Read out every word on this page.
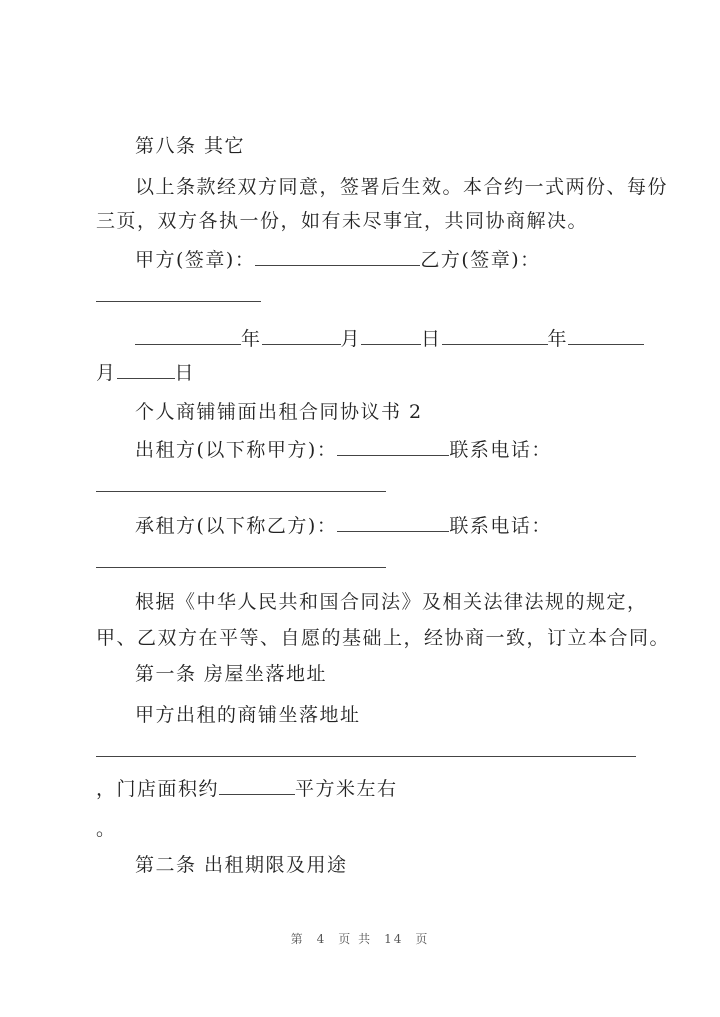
第八条 其它
以上条款经双方同意，签署后生效。本合约一式两份、每份
三页，双方各执一份，如有未尽事宜，共同协商解决。
甲方(签章)：	乙方(签章)：
年	月	日	年
月	日
个人商铺铺面出租合同协议书 2
出租方(以下称甲方)：	联系电话：
承租方(以下称乙方)：	联系电话：
根据《中华人民共和国合同法》及相关法律法规的规定，
甲、乙双方在平等、自愿的基础上，经协商一致，订立本合同。
第一条 房屋坐落地址
甲方出租的商铺坐落地址
，门店面积约	平方米左右
。
第二条 出租期限及用途
第 4 页 共 14 页
